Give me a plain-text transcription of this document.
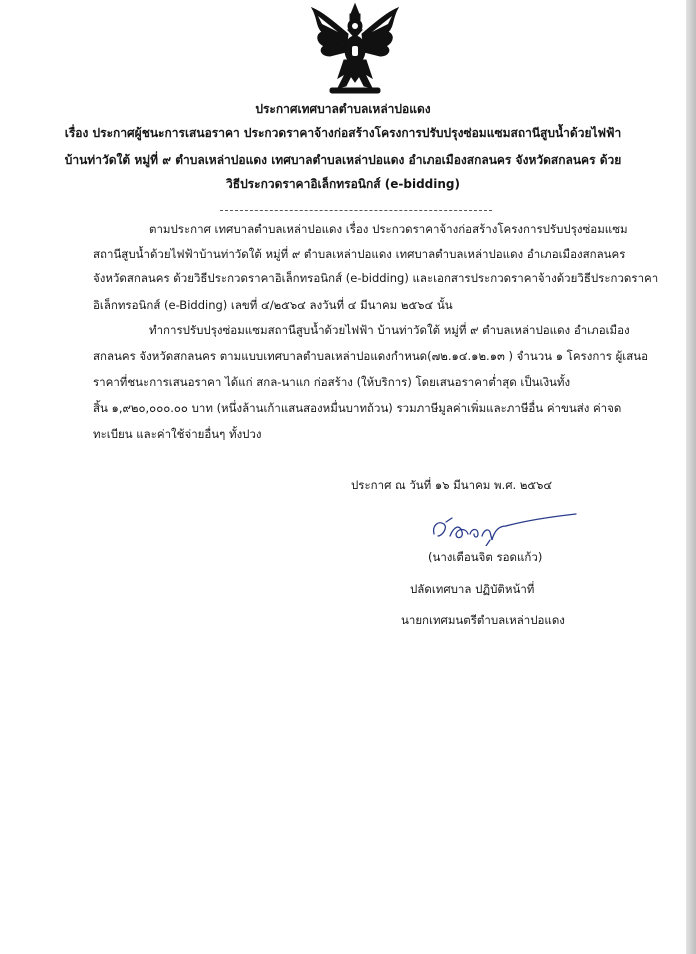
ประกาศเทศบาลตำบลเหล่าปอแดง
เรื่อง ประกาศผู้ชนะการเสนอราคา ประกวดราคาจ้างก่อสร้างโครงการปรับปรุงซ่อมแซมสถานีสูบน้ำด้วยไฟฟ้า
บ้านท่าวัดใต้ หมู่ที่ ๙ ตำบลเหล่าปอแดง เทศบาลตำบลเหล่าปอแดง อำเภอเมืองสกลนคร จังหวัดสกลนคร ด้วย
วิธีประกวดราคาอิเล็กทรอนิกส์ (e-bidding)
ตามประกาศ เทศบาลตำบลเหล่าปอแดง เรื่อง ประกวดราคาจ้างก่อสร้างโครงการปรับปรุงซ่อมแซม
สถานีสูบน้ำด้วยไฟฟ้าบ้านท่าวัดใต้ หมู่ที่ ๙ ตำบลเหล่าปอแดง เทศบาลตำบลเหล่าปอแดง อำเภอเมืองสกลนคร
จังหวัดสกลนคร ด้วยวิธีประกวดราคาอิเล็กทรอนิกส์ (e-bidding) และเอกสารประกวดราคาจ้างด้วยวิธีประกวดราคา
อิเล็กทรอนิกส์ (e-Bidding) เลขที่ ๔/๒๕๖๔ ลงวันที่ ๔ มีนาคม ๒๕๖๔ นั้น
ทำการปรับปรุงซ่อมแซมสถานีสูบน้ำด้วยไฟฟ้า บ้านท่าวัดใต้ หมู่ที่ ๙ ตำบลเหล่าปอแดง อำเภอเมือง
สกลนคร จังหวัดสกลนคร ตามแบบเทศบาลตำบลเหล่าปอแดงกำหนด(๗๒.๑๔.๑๒.๑๓ ) จำนวน ๑ โครงการ ผู้เสนอ
ราคาที่ชนะการเสนอราคา ได้แก่ สกล-นาแก ก่อสร้าง (ให้บริการ) โดยเสนอราคาต่ำสุด เป็นเงินทั้ง
สิ้น ๑,๙๒๐,๐๐๐.๐๐ บาท (หนึ่งล้านเก้าแสนสองหมื่นบาทถ้วน) รวมภาษีมูลค่าเพิ่มและภาษีอื่น ค่าขนส่ง ค่าจด
ทะเบียน และค่าใช้จ่ายอื่นๆ ทั้งปวง
ประกาศ ณ วันที่ ๑๖ มีนาคม พ.ศ. ๒๕๖๔
(นางเตือนจิต รอดแก้ว)
ปลัดเทศบาล ปฏิบัติหน้าที่
นายกเทศมนตรีตำบลเหล่าปอแดง
